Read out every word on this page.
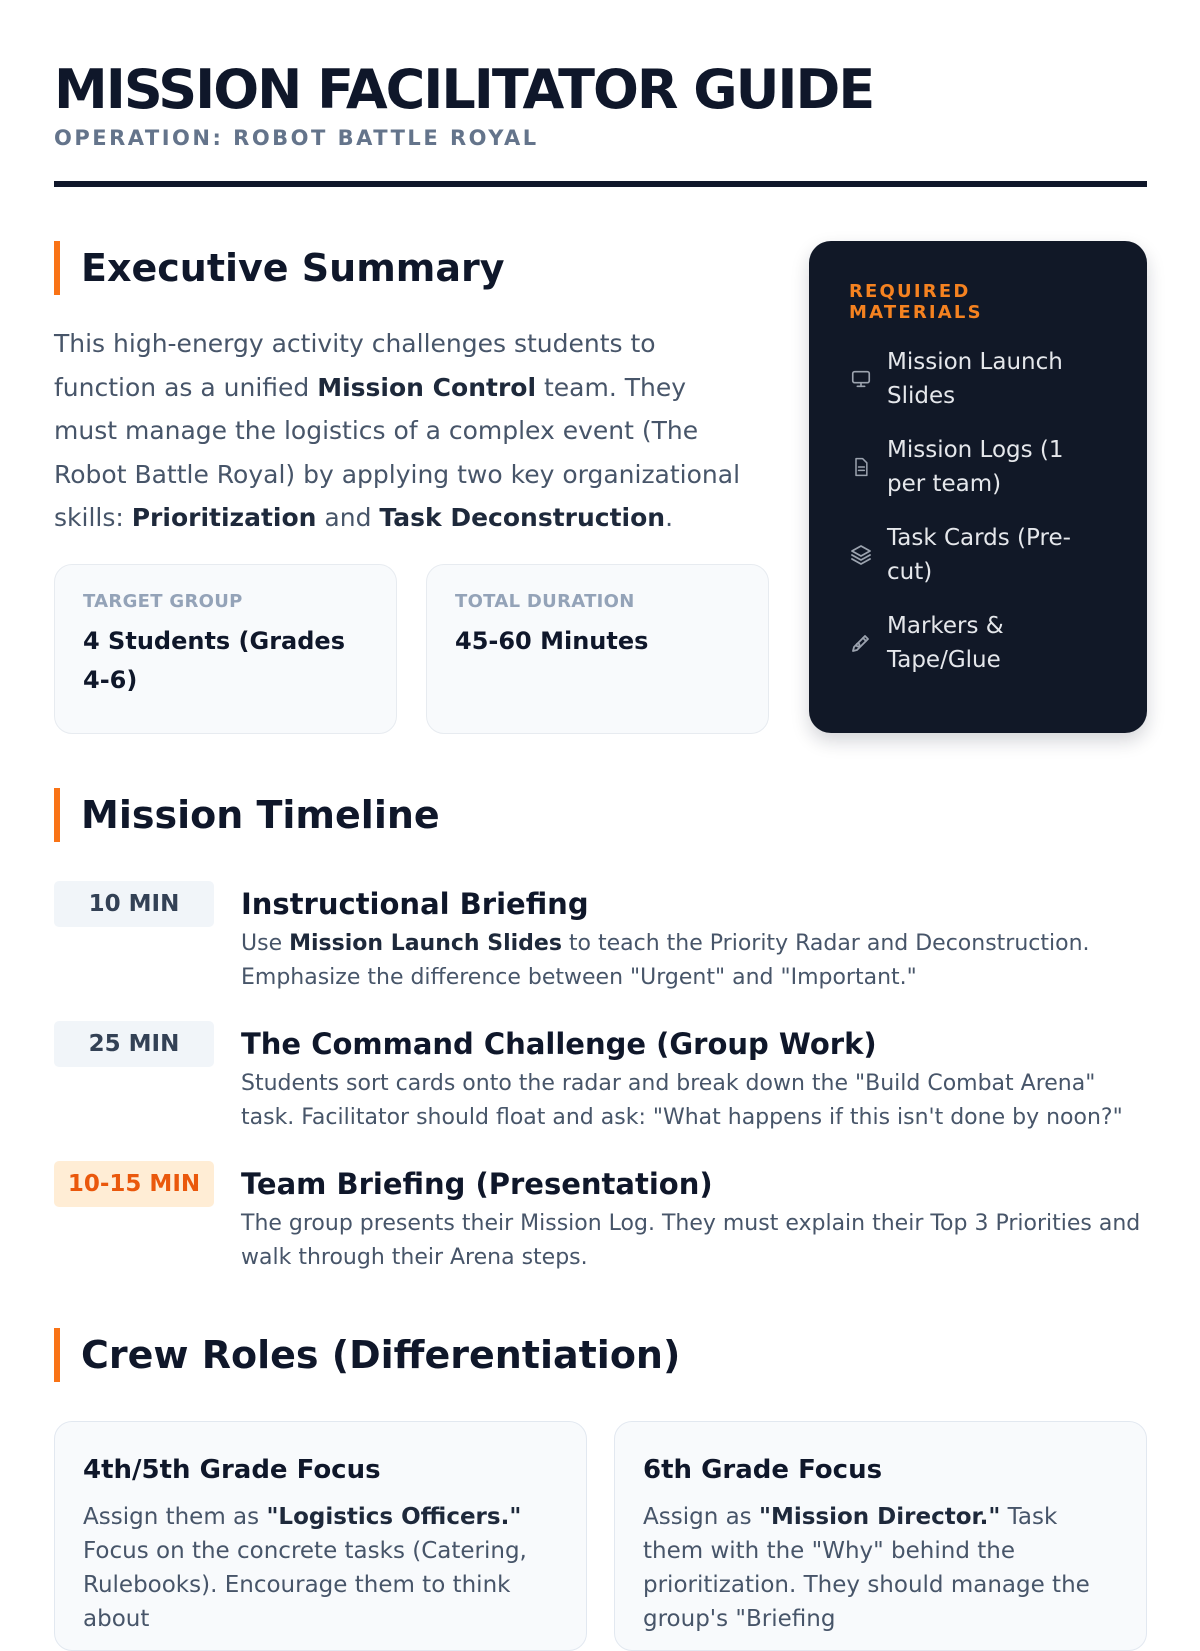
MISSION FACILITATOR GUIDE
OPERATION: ROBOT BATTLE ROYAL
Executive Summary

This high-energy activity challenges students to function as a unified Mission Control team. They must manage the logistics of a complex event (The Robot Battle Royal) by applying two key organizational skills: Prioritization and Task Deconstruction.

TARGET GROUP
4 Students (Grades 4-6)
TOTAL DURATION
45-60 Minutes
REQUIRED MATERIALS
Mission Launch Slides
Mission Logs (1 per team)
Task Cards (Pre-cut)
Markers & Tape/Glue
Mission Timeline
10 MIN	Instructional Briefing
Use Mission Launch Slides to teach the Priority Radar and Deconstruction. Emphasize the difference between "Urgent" and "Important."
25 MIN	The Command Challenge (Group Work)
Students sort cards onto the radar and break down the "Build Combat Arena" task. Facilitator should float and ask: "What happens if this isn't done by noon?"
10-15 MIN	Team Briefing (Presentation)
The group presents their Mission Log. They must explain their Top 3 Priorities and walk through their Arena steps.
Crew Roles (Differentiation)
4th/5th Grade Focus
Assign them as "Logistics Officers." Focus on the concrete tasks (Catering, Rulebooks). Encourage them to think about
6th Grade Focus
Assign as "Mission Director." Task them with the "Why" behind the prioritization. They should manage the group's "Briefing
